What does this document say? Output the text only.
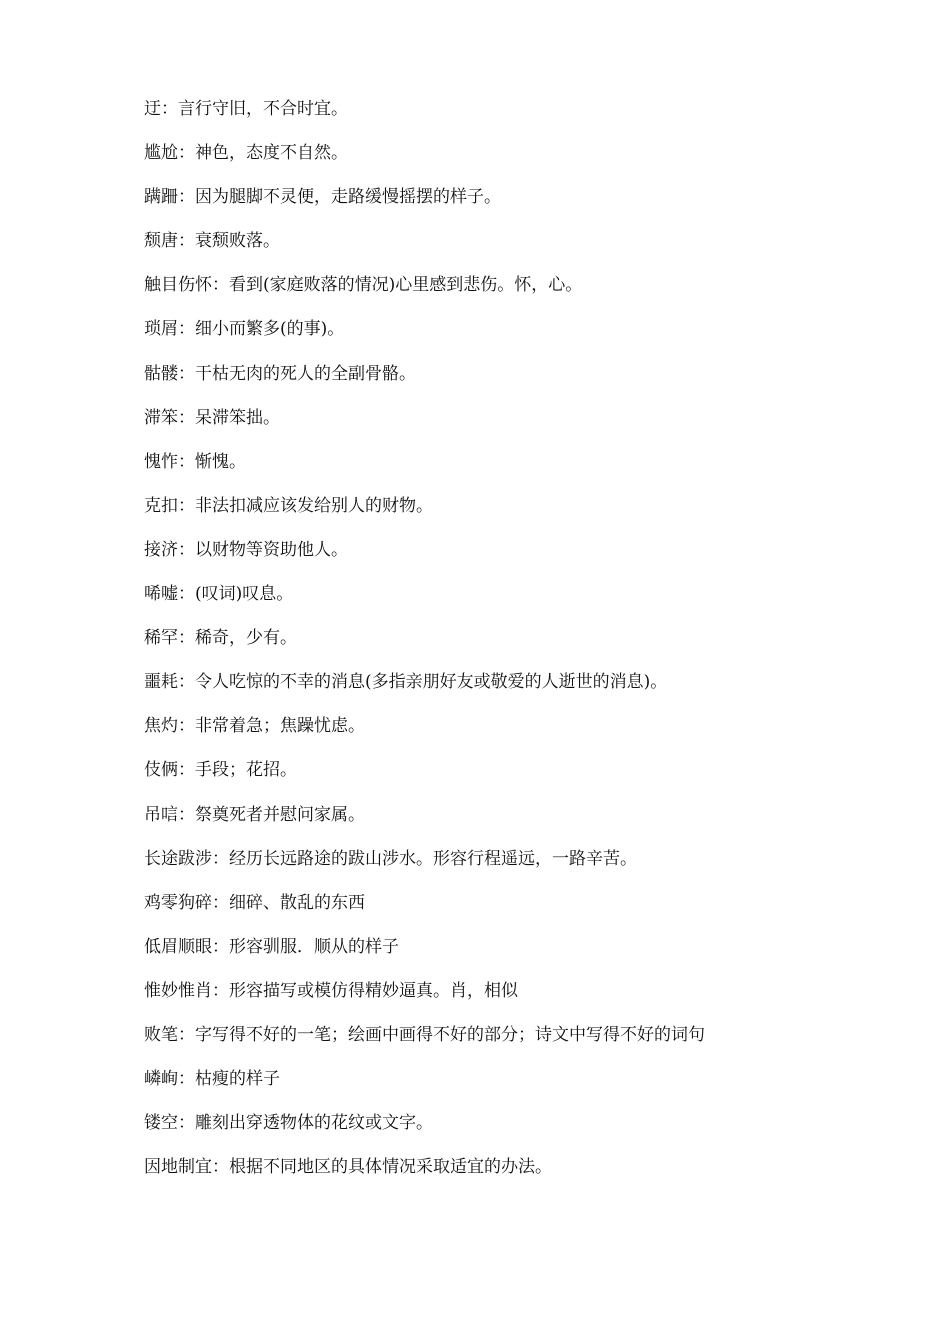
迂：言行守旧，不合时宜。
尴尬：神色，态度不自然。
蹒跚：因为腿脚不灵便，走路缓慢摇摆的样子。
颓唐：衰颓败落。
触目伤怀：看到(家庭败落的情况)心里感到悲伤。怀，心。
琐屑：细小而繁多(的事)。
骷髅：干枯无肉的死人的全副骨骼。
滞笨：呆滞笨拙。
愧怍：惭愧。
克扣：非法扣减应该发给别人的财物。
接济：以财物等资助他人。
唏嘘：(叹词)叹息。
稀罕：稀奇，少有。
噩耗：令人吃惊的不幸的消息(多指亲朋好友或敬爱的人逝世的消息)。
焦灼：非常着急；焦躁忧虑。
伎俩：手段；花招。
吊唁：祭奠死者并慰问家属。
长途跋涉：经历长远路途的跋山涉水。形容行程遥远，一路辛苦。
鸡零狗碎：细碎、散乱的东西
低眉顺眼：形容驯服．顺从的样子
惟妙惟肖：形容描写或模仿得精妙逼真。肖，相似
败笔：字写得不好的一笔；绘画中画得不好的部分；诗文中写得不好的词句
嶙峋：枯瘦的样子
镂空：雕刻出穿透物体的花纹或文字。
因地制宜：根据不同地区的具体情况采取适宜的办法。
